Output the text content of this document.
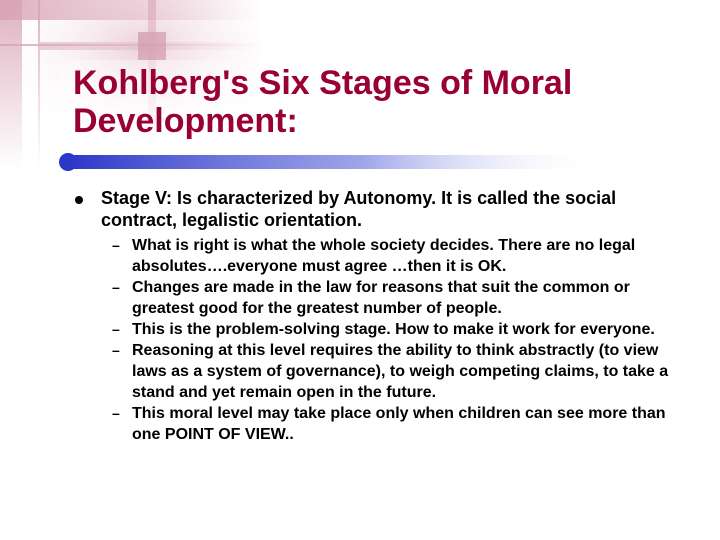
Kohlberg's Six Stages of Moral Development:
Stage V: Is characterized by Autonomy. It is called the social contract, legalistic orientation.
– What is right is what the whole society decides. There are no legal absolutes….everyone must agree …then it is OK.
– Changes are made in the law for reasons that suit the common or greatest good for the greatest number of people.
– This is the problem-solving stage. How to make it work for everyone.
– Reasoning at this level requires the ability to think abstractly (to view laws as a system of governance), to weigh competing claims, to take a stand and yet remain open in the future.
– This moral level may take place only when children can see more than one POINT OF VIEW..
